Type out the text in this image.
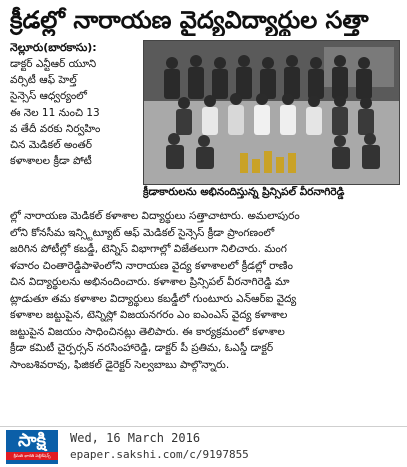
క్రీడల్లో నారాయణ వైద్యవిద్యార్థుల సత్తా
నెల్లూరు(బారకాసు):
డాక్టర్ ఎన్టీఆర్ యూని
వర్సిటీ ఆఫ్ హెల్త్
సైన్సెస్ ఆధ్వర్యంలో
ఈ నెల 11 నుంచి 13
వ తేదీ వరకు నిర్వహిం
చిన మెడికల్ అంతర్
కళాశాలల క్రీడా పోటీ
క్రీడాకారులను అభినందిస్తున్న ప్రిన్సిపల్ వీరనాగిరెడ్డి
ల్లో నారాయణ మెడికల్ కళాశాల విద్యార్థులు సత్తాచాటారు. అమలాపురం
లోని కోనసీమ ఇన్స్టిట్యూట్ ఆఫ్ మెడికల్ సైన్సెస్ క్రీడా ప్రాంగణంలో
జరిగిన పోటీల్లో కబడ్డీ, టెన్నిస్ విభాగాల్లో విజేతలుగా నిలిచారు. మంగ
ళవారం చింతారెడ్డిపాళెంలోని నారాయణ వైద్య కళాశాలలో క్రీడల్లో రాణిం
చిన విద్యార్థులను అభినందించారు. కళాశాల ప్రిన్సిపల్ వీరనాగిరెడ్డి మా
ట్లాడుతూ తమ కళాశాల విద్యార్థులు కబడ్డీలో గుంటూరు ఎన్ఆర్ఐ వైద్య
కళాశాల జట్టుపైన, టెన్నిస్లో విజయనగరం ఎం ఐఎంఎస్ వైద్య కళాశాల
జట్టుపైన విజయం సాధించినట్లు తెలిపారు. ఈ కార్యక్రమంలో కళాశాల
క్రీడా కమిటీ చైర్పర్సన్ నరసింహారెడ్డి, డాక్టర్ పీ ప్రతిమ, ఓఎస్డీ డాక్టర్
సాంబశివరావు, ఫిజికల్ డైరెక్టర్ సెల్వబాబు పాల్గొన్నారు.
సాక్షి
శ్రీమతి భారతి పబ్లికేషన్స్
Wed, 16 March 2016
epaper.sakshi.com/c/9197855
